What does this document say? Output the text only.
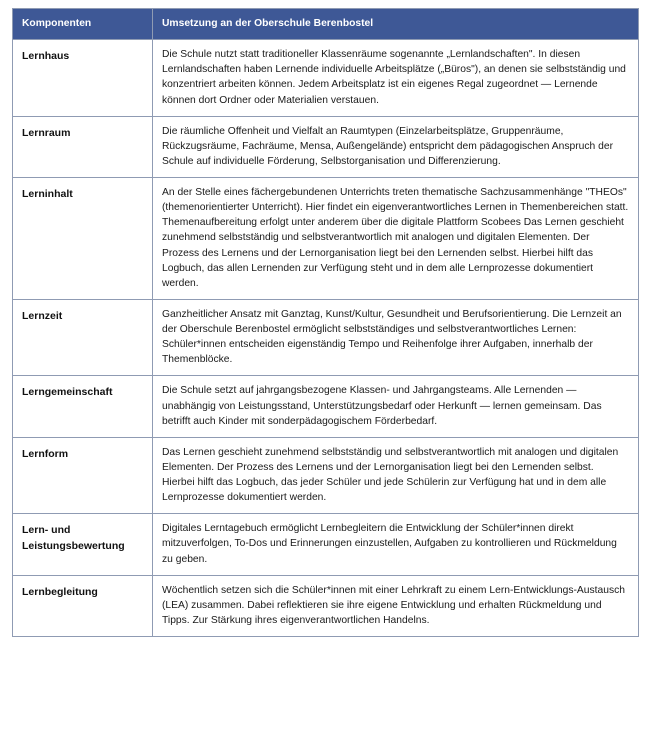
Komponenten	Umsetzung an der Oberschule Berenbostel
Lernhaus	Die Schule nutzt statt traditioneller Klassenräume sogenannte „Lernlandschaften". In diesen Lernlandschaften haben Lernende individuelle Arbeitsplätze („Büros"), an denen sie selbstständig und konzentriert arbeiten können. Jedem Arbeitsplatz ist ein eigenes Regal zugeordnet — Lernende können dort Ordner oder Materialien verstauen.
Lernraum	Die räumliche Offenheit und Vielfalt an Raumtypen (Einzelarbeitsplätze, Gruppenräume, Rückzugsräume, Fachräume, Mensa, Außengelände) entspricht dem pädagogischen Anspruch der Schule auf individuelle Förderung, Selbstorganisation und Differenzierung.
Lerninhalt	An der Stelle eines fächergebundenen Unterrichts treten thematische Sachzusammenhänge "THEOs" (themenorientierter Unterricht). Hier findet ein eigenverantwortliches Lernen in Themenbereichen statt. Themenaufbereitung erfolgt unter anderem über die digitale Plattform Scobees Das Lernen geschieht zunehmend selbstständig und selbstverantwortlich mit analogen und digitalen Elementen. Der Prozess des Lernens und der Lernorganisation liegt bei den Lernenden selbst. Hierbei hilft das Logbuch, das allen Lernenden zur Verfügung steht und in dem alle Lernprozesse dokumentiert werden.
Lernzeit	Ganzheitlicher Ansatz mit Ganztag, Kunst/Kultur, Gesundheit und Berufsorientierung. Die Lernzeit an der Oberschule Berenbostel ermöglicht selbstständiges und selbstverantwortliches Lernen: Schüler*innen entscheiden eigenständig Tempo und Reihenfolge ihrer Aufgaben, innerhalb der Themenblöcke.
Lerngemeinschaft	Die Schule setzt auf jahrgangsbezogene Klassen- und Jahrgangsteams. Alle Lernenden — unabhängig von Leistungsstand, Unterstützungsbedarf oder Herkunft — lernen gemeinsam. Das betrifft auch Kinder mit sonderpädagogischem Förderbedarf.
Lernform	Das Lernen geschieht zunehmend selbstständig und selbstverantwortlich mit analogen und digitalen Elementen. Der Prozess des Lernens und der Lernorganisation liegt bei den Lernenden selbst. Hierbei hilft das Logbuch, das jeder Schüler und jede Schülerin zur Verfügung hat und in dem alle Lernprozesse dokumentiert werden.
Lern- und Leistungsbewertung	Digitales Lerntagebuch ermöglicht Lernbegleitern die Entwicklung der Schüler*innen direkt mitzuverfolgen, To-Dos und Erinnerungen einzustellen, Aufgaben zu kontrollieren und Rückmeldung zu geben.
Lernbegleitung	Wöchentlich setzen sich die Schüler*innen mit einer Lehrkraft zu einem Lern-Entwicklungs-Austausch (LEA) zusammen. Dabei reflektieren sie ihre eigene Entwicklung und erhalten Rückmeldung und Tipps. Zur Stärkung ihres eigenverantwortlichen Handelns.
